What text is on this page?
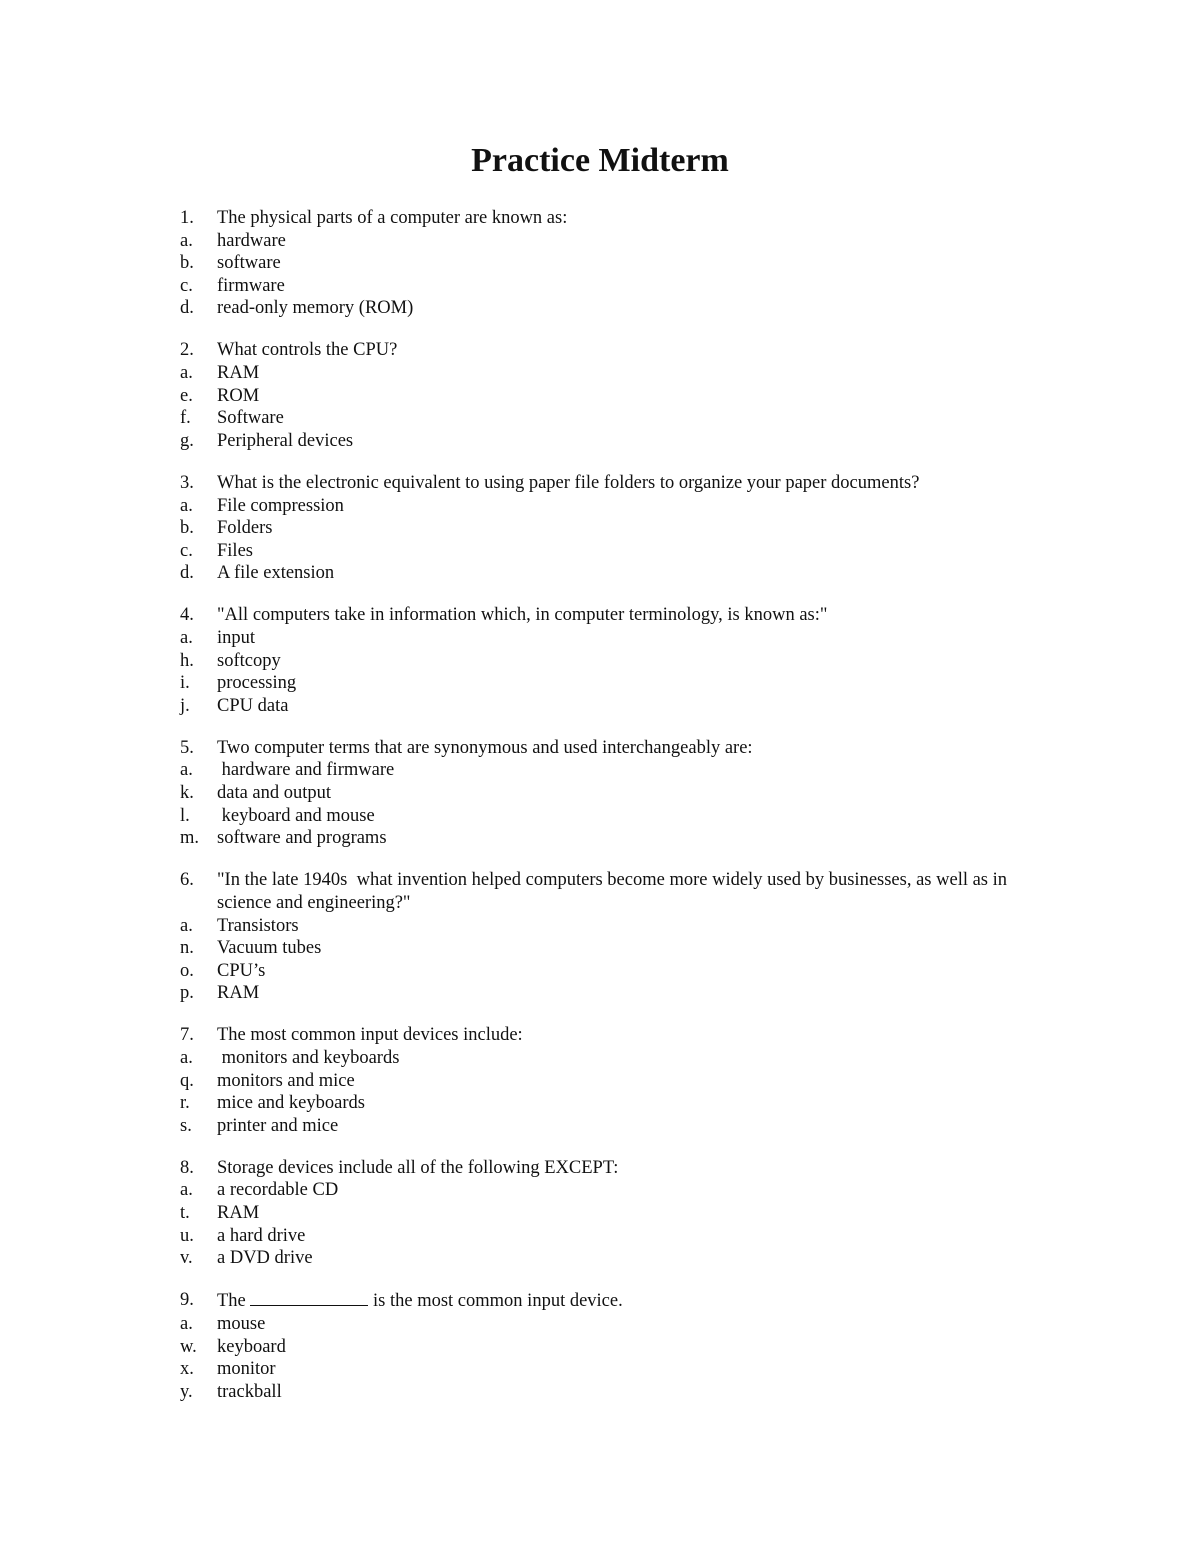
Practice Midterm
1.	The physical parts of a computer are known as:
a.	hardware
b.	software
c.	firmware
d.	read-only memory (ROM)
2.	What controls the CPU?
a.	RAM
e.	ROM
f.	Software
g.	Peripheral devices
3.	What is the electronic equivalent to using paper file folders to organize your paper documents?
a.	File compression
b.	Folders
c.	Files
d.	A file extension
4.	"All computers take in information which, in computer terminology, is known as:"
a.	input
h.	softcopy
i.	processing
j.	CPU data
5.	Two computer terms that are synonymous and used interchangeably are:
a.	hardware and firmware
k.	data and output
l.	keyboard and mouse
m. software and programs
6.	"In the late 1940s  what invention helped computers become more widely used by businesses, as well as in science and engineering?"
a.	Transistors
n.	Vacuum tubes
o.	CPU’s
p.	RAM
7.	The most common input devices include:
a.	monitors and keyboards
q.	monitors and mice
r.	mice and keyboards
s.	printer and mice
8.	Storage devices include all of the following EXCEPT:
a.	a recordable CD
t.	RAM
u.	a hard drive
v.	a DVD drive
9.	The	is the most common input device.
a.	mouse
w.	keyboard
x.	monitor
y.	trackball
